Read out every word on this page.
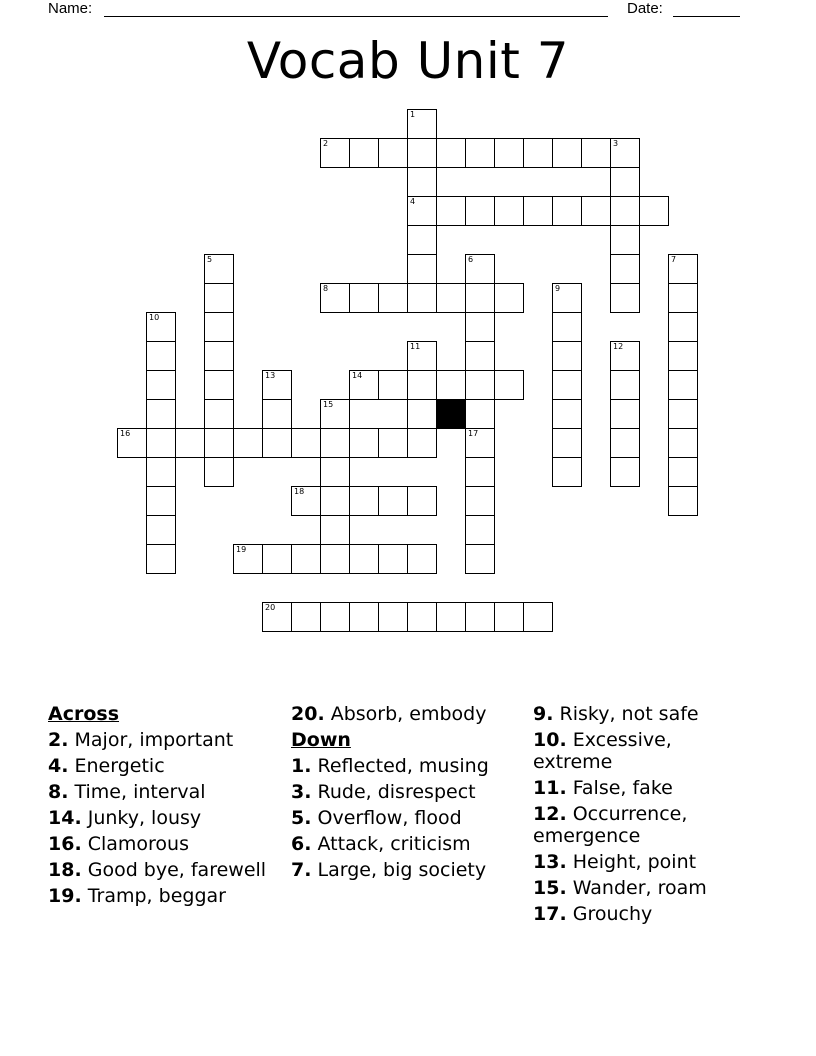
Name:	Date:
Vocab Unit 7
1
2	3
4
5	6	7
8	9
10
11	12
13	14
15
16	17
18
19
20
Across
2. Major, important
4. Energetic
8. Time, interval
14. Junky, lousy
16. Clamorous
18. Good bye, farewell
19. Tramp, beggar
20. Absorb, embody
Down
1. Reflected, musing
3. Rude, disrespect
5. Overflow, flood
6. Attack, criticism
7. Large, big society
9. Risky, not safe
10. Excessive, extreme
11. False, fake
12. Occurrence, emergence
13. Height, point
15. Wander, roam
17. Grouchy
